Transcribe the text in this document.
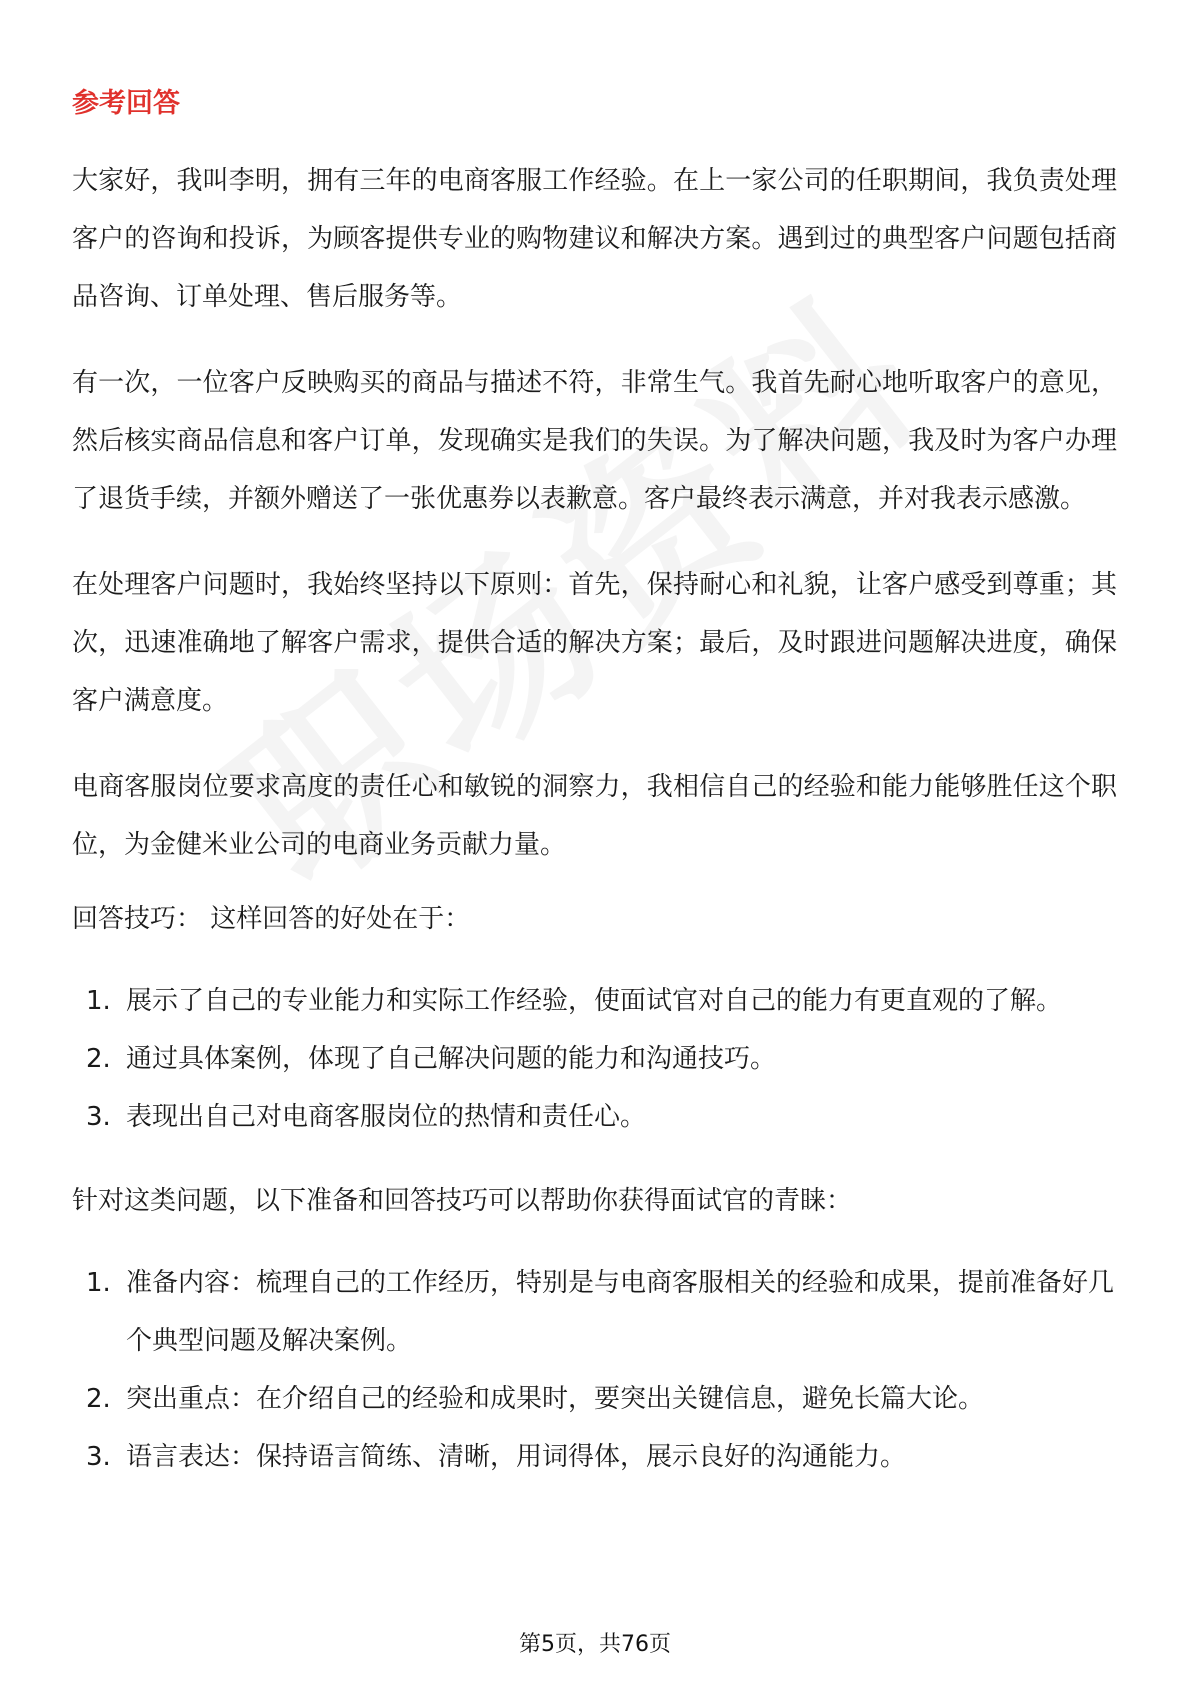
参考回答

大家好，我叫李明，拥有三年的电商客服工作经验。在上一家公司的任职期间，我负责处理客户的咨询和投诉，为顾客提供专业的购物建议和解决方案。遇到过的典型客户问题包括商品咨询、订单处理、售后服务等。

有一次，一位客户反映购买的商品与描述不符，非常生气。我首先耐心地听取客户的意见，然后核实商品信息和客户订单，发现确实是我们的失误。为了解决问题，我及时为客户办理了退货手续，并额外赠送了一张优惠券以表歉意。客户最终表示满意，并对我表示感激。

在处理客户问题时，我始终坚持以下原则：首先，保持耐心和礼貌，让客户感受到尊重；其次，迅速准确地了解客户需求，提供合适的解决方案；最后，及时跟进问题解决进度，确保客户满意度。

电商客服岗位要求高度的责任心和敏锐的洞察力，我相信自己的经验和能力能够胜任这个职位，为金健米业公司的电商业务贡献力量。

回答技巧： 这样回答的好处在于：
1. 展示了自己的专业能力和实际工作经验，使面试官对自己的能力有更直观的了解。
2. 通过具体案例，体现了自己解决问题的能力和沟通技巧。
3. 表现出自己对电商客服岗位的热情和责任心。
针对这类问题，以下准备和回答技巧可以帮助你获得面试官的青睐：
1. 准备内容：梳理自己的工作经历，特别是与电商客服相关的经验和成果，提前准备好几个典型问题及解决案例。
2. 突出重点：在介绍自己的经验和成果时，要突出关键信息，避免长篇大论。
3. 语言表达：保持语言简练、清晰，用词得体，展示良好的沟通能力。
第5页，共76页
